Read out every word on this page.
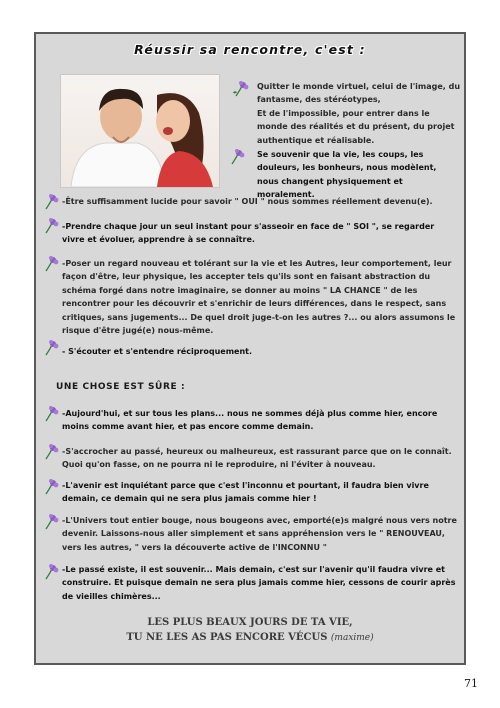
Réussir sa rencontre, c'est :
Quitter le monde virtuel, celui de l'image, du fantasme, des stéréotypes,
Et de l'impossible, pour entrer dans le monde des réalités et du présent, du projet authentique et réalisable.
Se souvenir que la vie, les coups, les douleurs, les bonheurs, nous modèlent, nous changent physiquement et moralement.
-Être suffisamment lucide pour savoir " OUI " nous sommes réellement devenu(e).
-Prendre chaque jour un seul instant pour s'asseoir en face de " SOI ", se regarder vivre et évoluer, apprendre à se connaître.
-Poser un regard nouveau et tolérant sur la vie et les Autres, leur comportement, leur façon d'être, leur physique, les accepter tels qu'ils sont en faisant abstraction du schéma forgé dans notre imaginaire, se donner au moins " LA CHANCE " de les rencontrer pour les découvrir et s'enrichir de leurs différences, dans le respect, sans critiques, sans jugements... De quel droit juge-t-on les autres ?... ou alors assumons le risque d'être jugé(e) nous-même.
- S'écouter et s'entendre réciproquement.
UNE CHOSE EST SÛRE :
-Aujourd'hui, et sur tous les plans... nous ne sommes déjà plus comme hier, encore moins comme avant hier, et pas encore comme demain.
-S'accrocher au passé, heureux ou malheureux, est rassurant parce que on le connaît. Quoi qu'on fasse, on ne pourra ni le reproduire, ni l'éviter à nouveau.
-L'avenir est inquiétant parce que c'est l'inconnu et pourtant, il faudra bien vivre demain, ce demain qui ne sera plus jamais comme hier !
-L'Univers tout entier bouge, nous bougeons avec, emporté(e)s malgré nous vers notre devenir. Laissons-nous aller simplement et sans appréhension vers le " RENOUVEAU, vers les autres, " vers la découverte active de l'INCONNU "
-Le passé existe, il est souvenir... Mais demain, c'est sur l'avenir qu'il faudra vivre et construire. Et puisque demain ne sera plus jamais comme hier, cessons de courir après de vieilles chimères...
LES PLUS BEAUX JOURS DE TA VIE,
TU NE LES AS PAS ENCORE VÉCUS (maxime)
71
